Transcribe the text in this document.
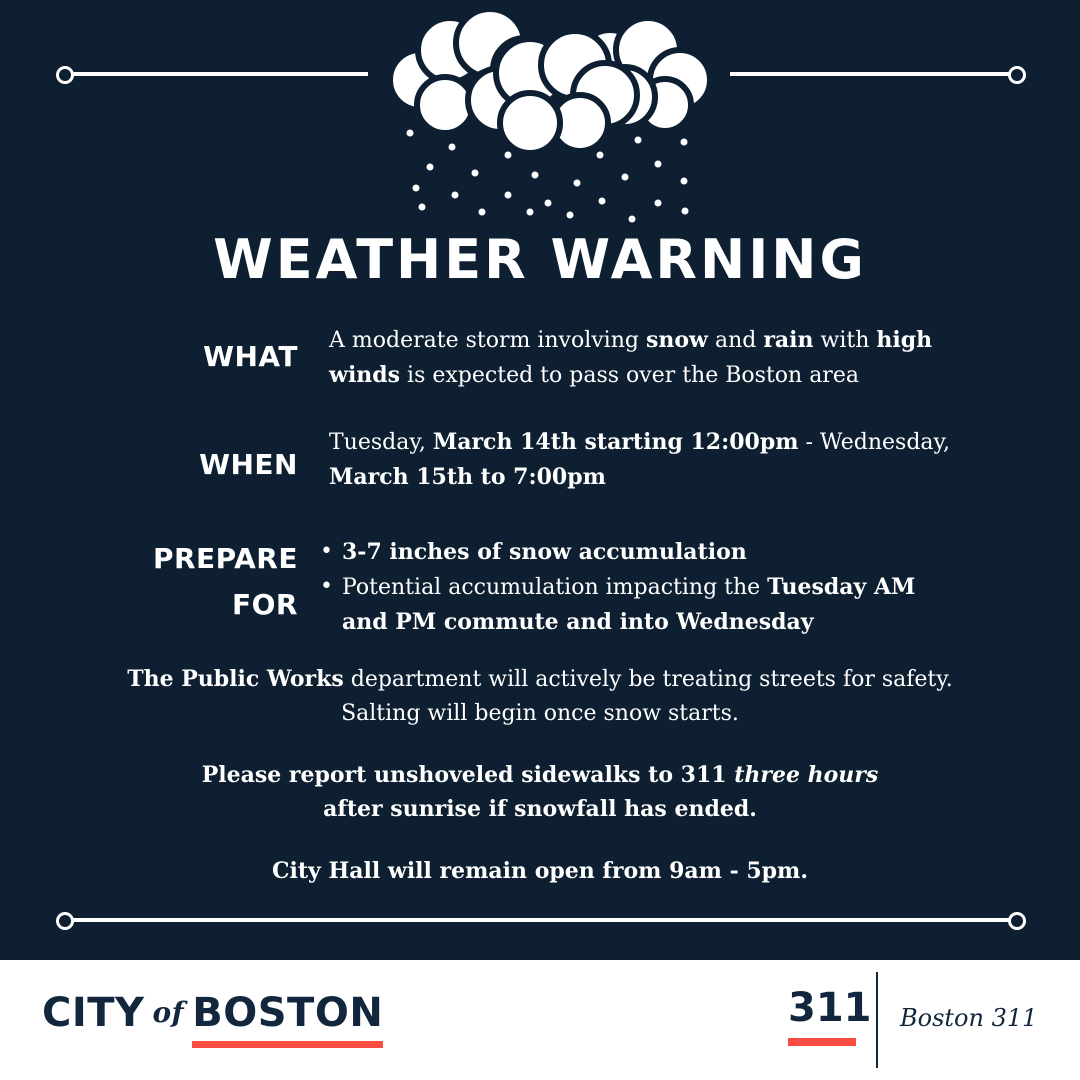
WEATHER WARNING
WHAT A moderate storm involving snow and rain with high winds is expected to pass over the Boston area
WHEN
Tuesday, March 14th starting 12:00pm - Wednesday, March 15th to 7:00pm
PREPARE
FOR
• 3-7 inches of snow accumulation
• Potential accumulation impacting the Tuesday AM and PM commute and into Wednesday
The Public Works department will actively be treating streets for safety. Salting will begin once snow starts.
Please report unshoveled sidewalks to 311 three hours after sunrise if snowfall has ended.
City Hall will remain open from 9am - 5pm.
CITY of BOSTON	311 Boston 311
